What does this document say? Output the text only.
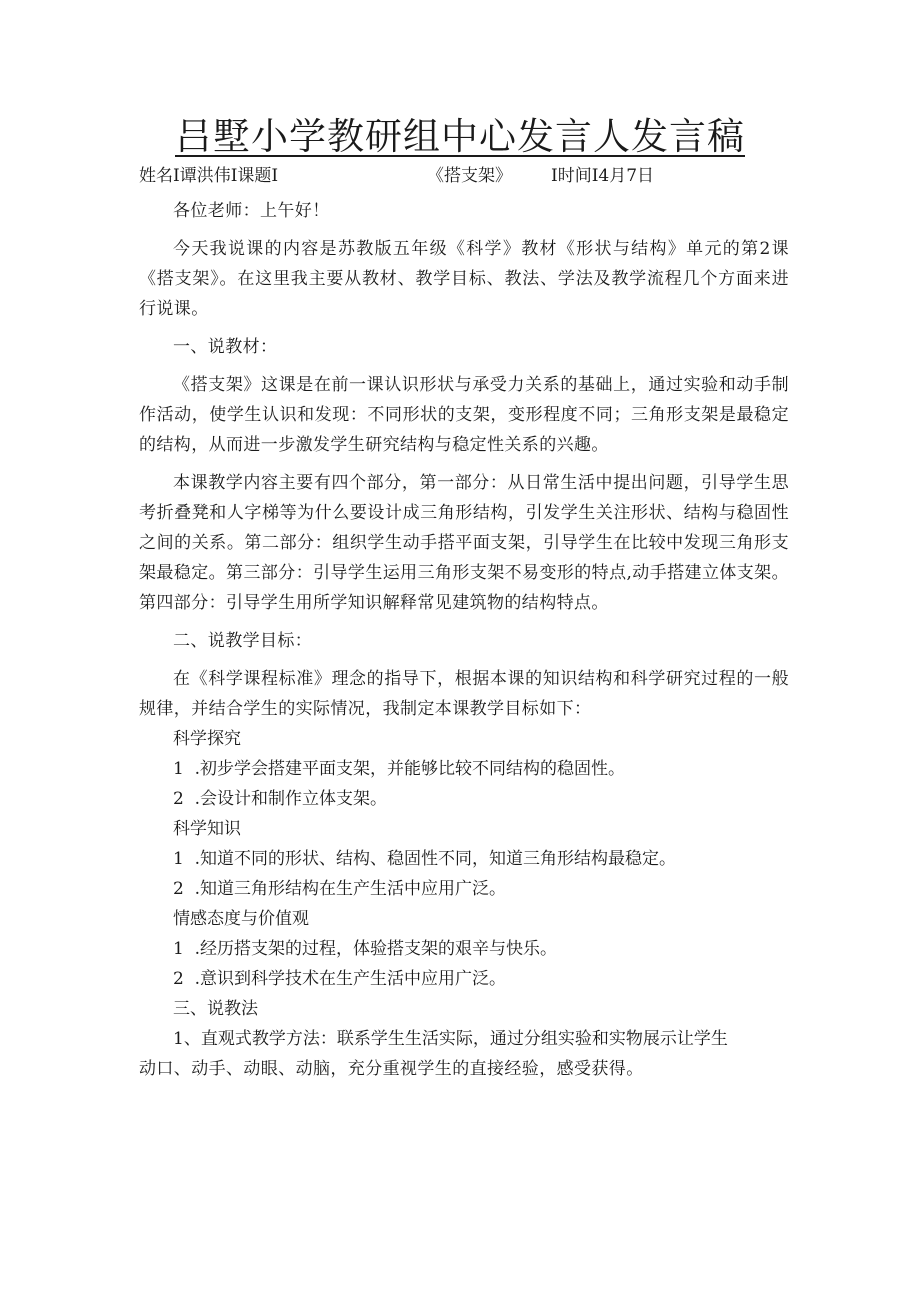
吕墅小学教研组中心发言人发言稿
姓名I谭洪伟I课题I	《搭支架》 I时间I4月7日

各位老师：上午好！

今天我说课的内容是苏教版五年级《科学》教材《形状与结构》单元的第2课《搭支架》。在这里我主要从教材、教学目标、教法、学法及教学流程几个方面来进行说课。

一、说教材：

《搭支架》这课是在前一课认识形状与承受力关系的基础上，通过实验和动手制作活动，使学生认识和发现：不同形状的支架，变形程度不同；三角形支架是最稳定的结构，从而进一步激发学生研究结构与稳定性关系的兴趣。

本课教学内容主要有四个部分，第一部分：从日常生活中提出问题，引导学生思考折叠凳和人字梯等为什么要设计成三角形结构，引发学生关注形状、结构与稳固性之间的关系。第二部分：组织学生动手搭平面支架，引导学生在比较中发现三角形支架最稳定。第三部分：引导学生运用三角形支架不易变形的特点,动手搭建立体支架。第四部分：引导学生用所学知识解释常见建筑物的结构特点。

二、说教学目标：

在《科学课程标准》理念的指导下，根据本课的知识结构和科学研究过程的一般规律，并结合学生的实际情况，我制定本课教学目标如下：

科学探究

1  .初步学会搭建平面支架，并能够比较不同结构的稳固性。

2  .会设计和制作立体支架。

科学知识

1  .知道不同的形状、结构、稳固性不同，知道三角形结构最稳定。

2  .知道三角形结构在生产生活中应用广泛。

情感态度与价值观

1  .经历搭支架的过程，体验搭支架的艰辛与快乐。

2  .意识到科学技术在生产生活中应用广泛。

三、说教法

1、直观式教学方法：联系学生生活实际，通过分组实验和实物展示让学生

动口、动手、动眼、动脑，充分重视学生的直接经验，感受获得。
